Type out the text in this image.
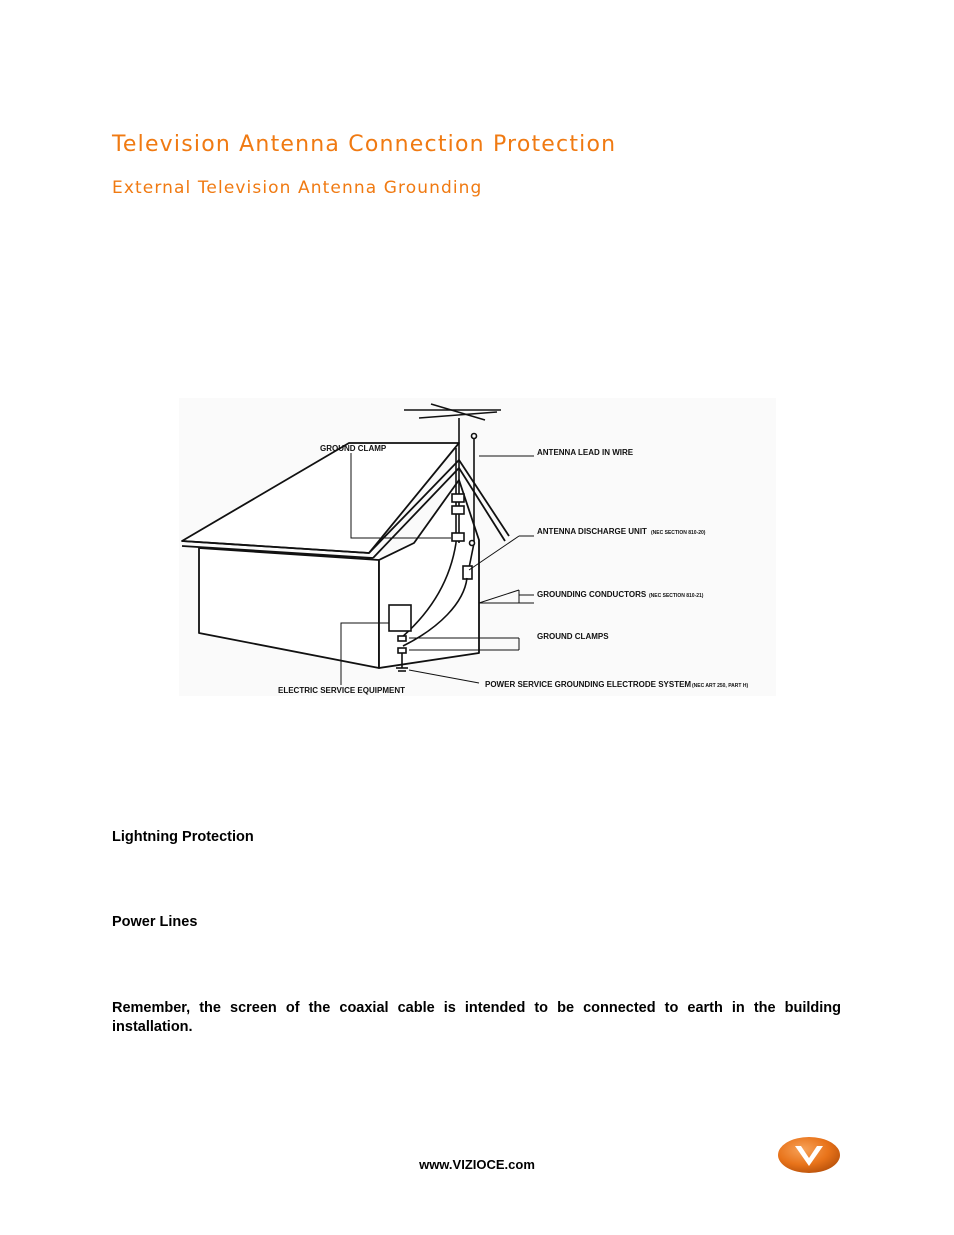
Television Antenna Connection Protection
External Television Antenna Grounding
GROUND CLAMP	ANTENNA LEAD IN WIRE
ANTENNA DISCHARGE UNIT (NEC SECTION 810-20)
GROUNDING CONDUCTORS (NEC SECTION 810-21)
GROUND CLAMPS
ELECTRIC SERVICE EQUIPMENT
POWER SERVICE GROUNDING ELECTRODE SYSTEM (NEC ART 250, PART H)

Lightning Protection

Power Lines

Remember, the screen of the coaxial cable is intended to be connected to earth in the building installation.

www.VIZIOCE.com
